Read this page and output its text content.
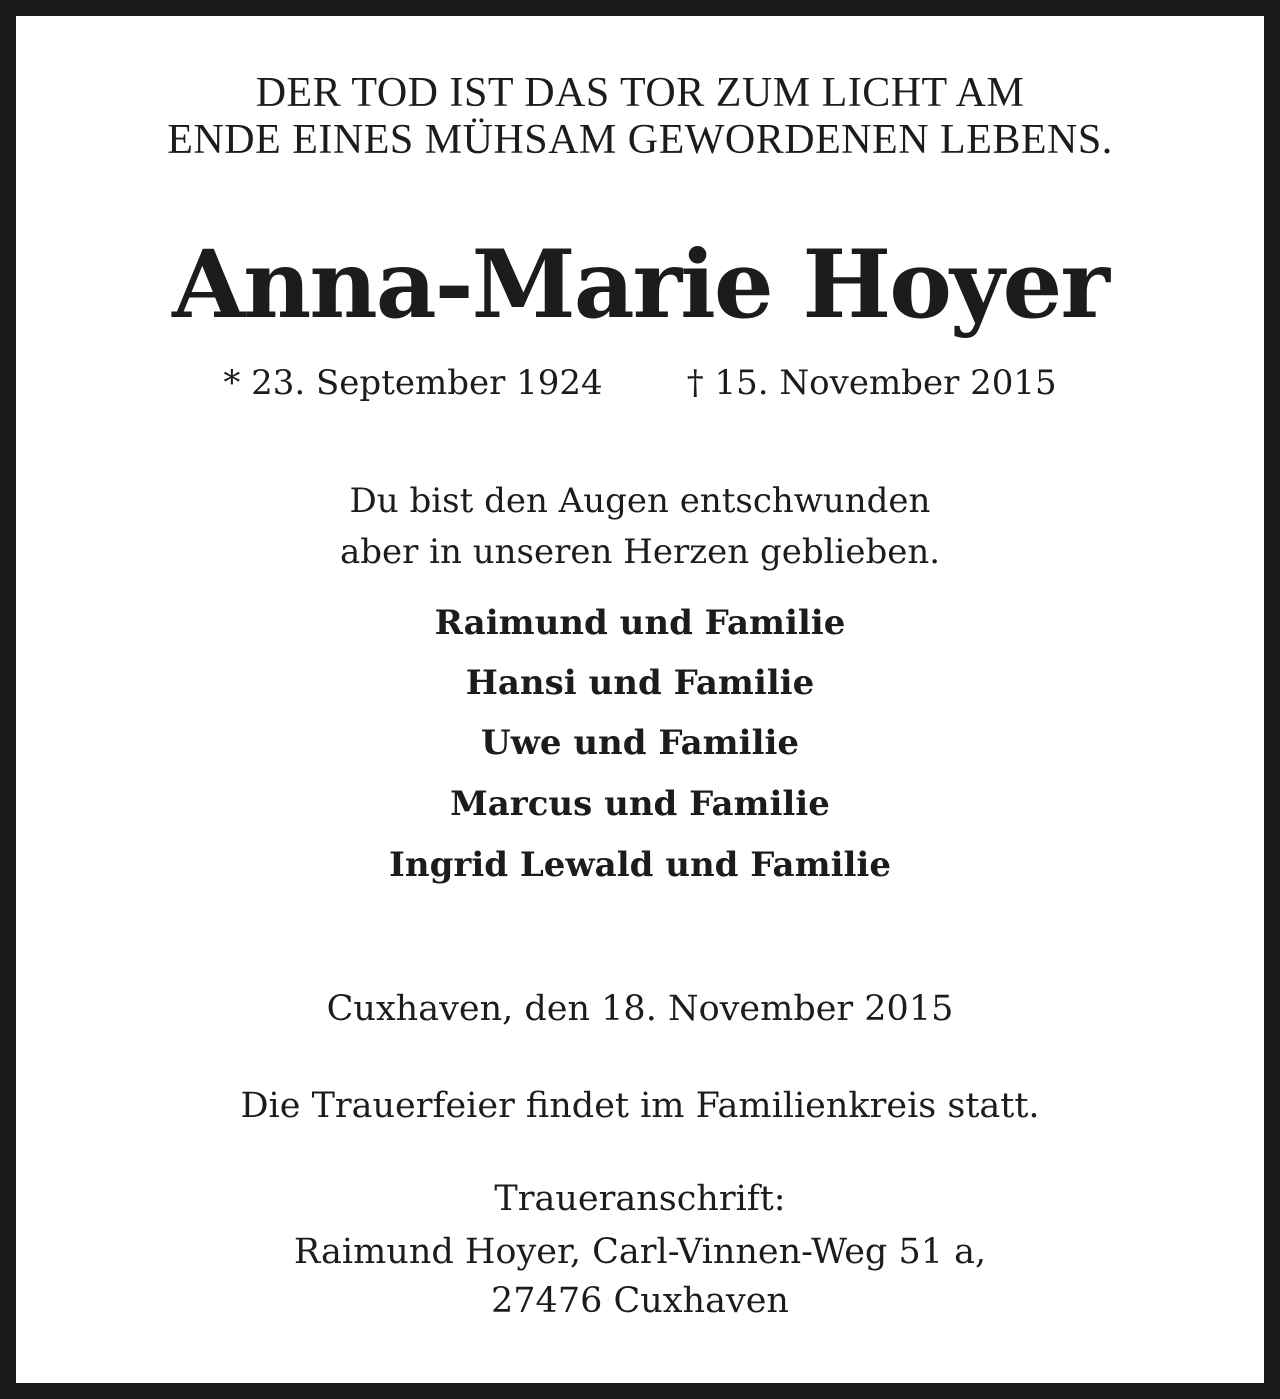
DER TOD IST DAS TOR ZUM LICHT AM
ENDE EINES MÜHSAM GEWORDENEN LEBENS.
Anna-Marie Hoyer
* 23. September 1924 † 15. November 2015
Du bist den Augen entschwunden
aber in unseren Herzen geblieben.
Raimund und Familie
Hansi und Familie
Uwe und Familie
Marcus und Familie
Ingrid Lewald und Familie
Cuxhaven, den 18. November 2015
Die Trauerfeier findet im Familienkreis statt.
Traueranschrift:
Raimund Hoyer, Carl-Vinnen-Weg 51 a,
27476 Cuxhaven
